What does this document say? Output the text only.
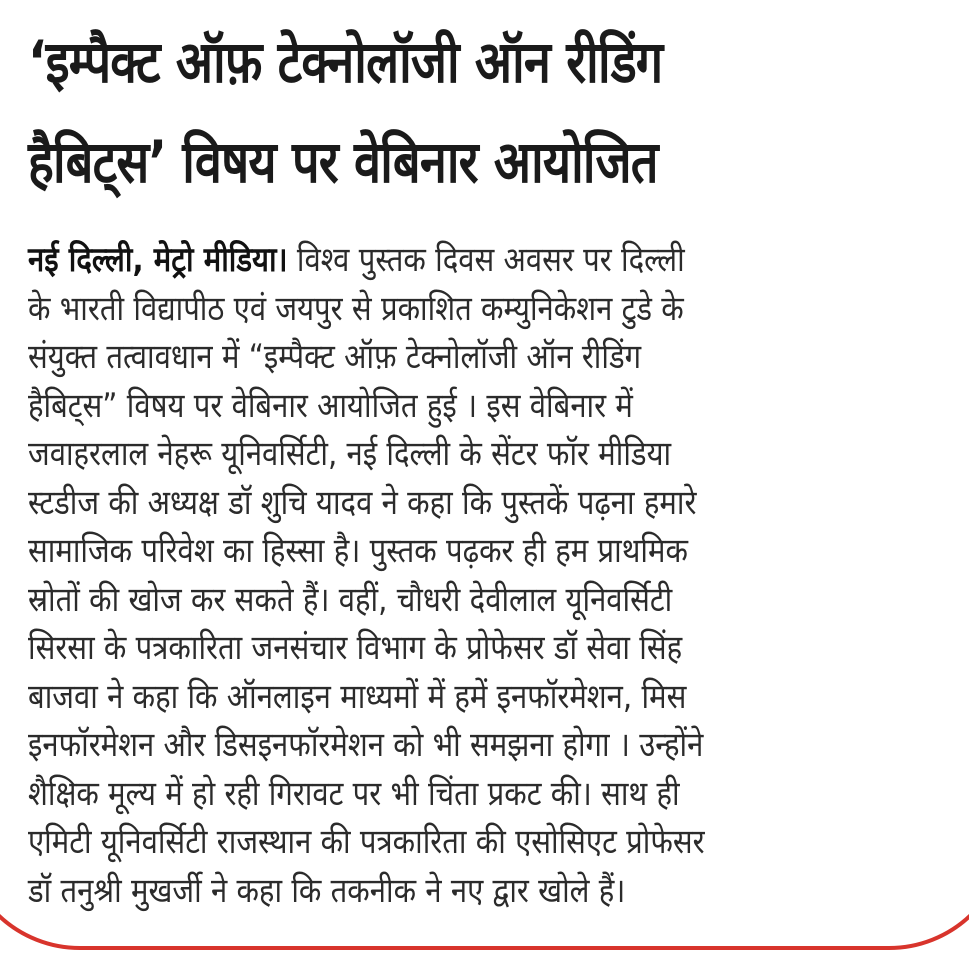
‘इम्पैक्ट ऑफ़ टेक्नोलॉजी ऑन रीडिंग
हैबिट्स’ विषय पर वेबिनार आयोजित
नई दिल्ली, मेट्रो मीडिया। विश्व पुस्तक दिवस अवसर पर दिल्ली
के भारती विद्यापीठ एवं जयपुर से प्रकाशित कम्युनिकेशन टुडे के
संयुक्त तत्वावधान में “इम्पैक्ट ऑफ़ टेक्नोलॉजी ऑन रीडिंग
हैबिट्स” विषय पर वेबिनार आयोजित हुई । इस वेबिनार में
जवाहरलाल नेहरू यूनिवर्सिटी, नई दिल्ली के सेंटर फॉर मीडिया
स्टडीज की अध्यक्ष डॉ शुचि यादव ने कहा कि पुस्तकें पढ़ना हमारे
सामाजिक परिवेश का हिस्सा है। पुस्तक पढ़कर ही हम प्राथमिक
स्रोतों की खोज कर सकते हैं। वहीं, चौधरी देवीलाल यूनिवर्सिटी
सिरसा के पत्रकारिता जनसंचार विभाग के प्रोफेसर डॉ सेवा सिंह
बाजवा ने कहा कि ऑनलाइन माध्यमों में हमें इनफॉरमेशन, मिस
इनफॉरमेशन और डिसइनफॉरमेशन को भी समझना होगा । उन्होंने
शैक्षिक मूल्य में हो रही गिरावट पर भी चिंता प्रकट की। साथ ही
एमिटी यूनिवर्सिटी राजस्थान की पत्रकारिता की एसोसिएट प्रोफेसर
डॉ तनुश्री मुखर्जी ने कहा कि तकनीक ने नए द्वार खोले हैं।
